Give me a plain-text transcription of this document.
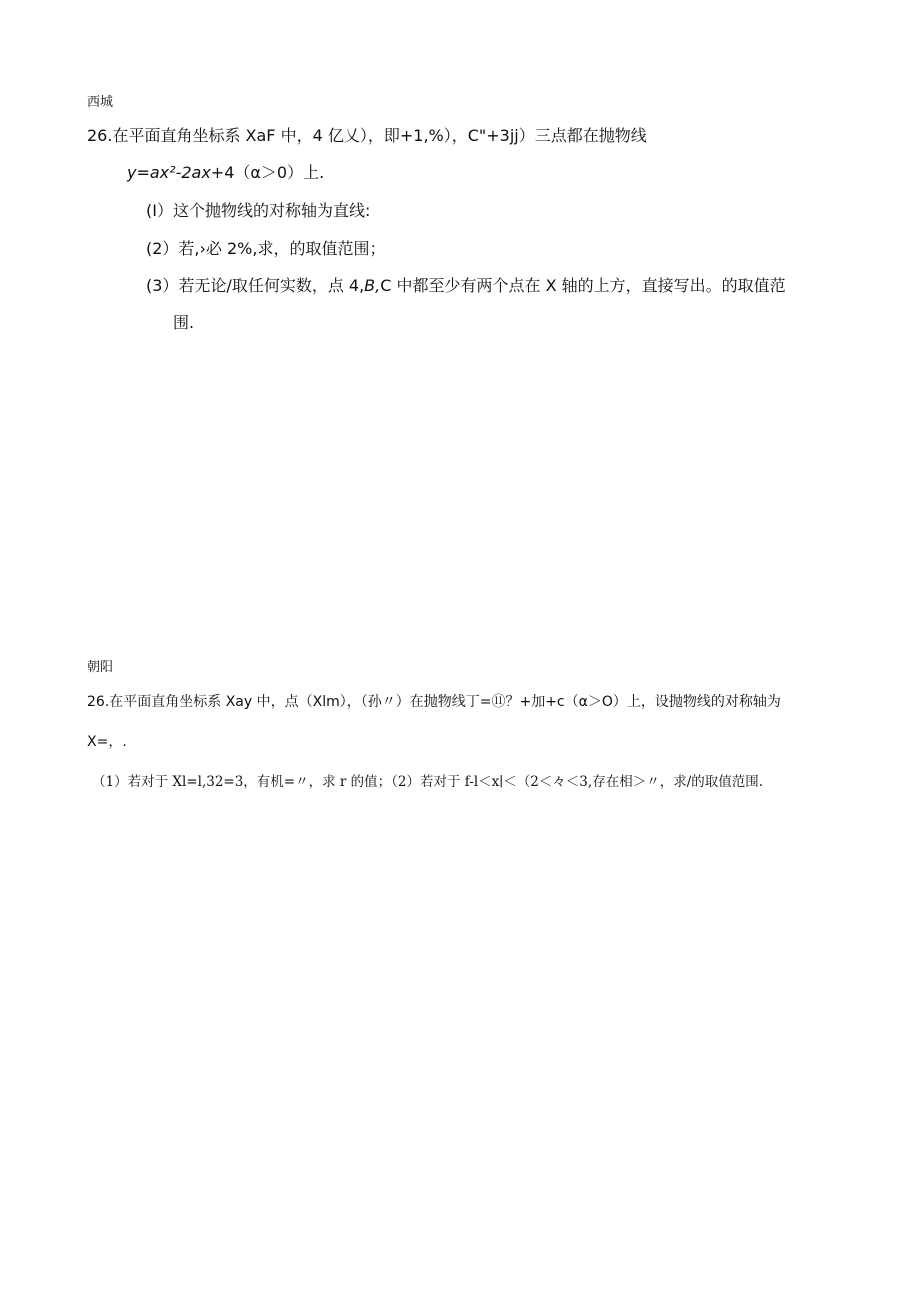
西城
26.在平面直角坐标系 XaF 中，4 亿乂），即+1,%），C"+3jj）三点都在抛物线
y=ax²-2ax+4（α＞0）上.
(I）这个抛物线的对称轴为直线:
(2）若,›必 2%,求，的取值范围；
(3）若无论/取任何实数，点 4,B,C 中都至少有两个点在 X 轴的上方，直接写出。的取值范
围.
朝阳
26.在平面直角坐标系 Xay 中，点（Xlm），（孙〃）在抛物线丁=⑪？+加+c（α＞O）上，设抛物线的对称轴为
X=，.
（1）若对于 Xl=l,32=3，有机=〃，求 r 的值；（2）若对于 f-l＜x∣＜（2＜々＜3,存在相＞〃，求/的取值范围.
